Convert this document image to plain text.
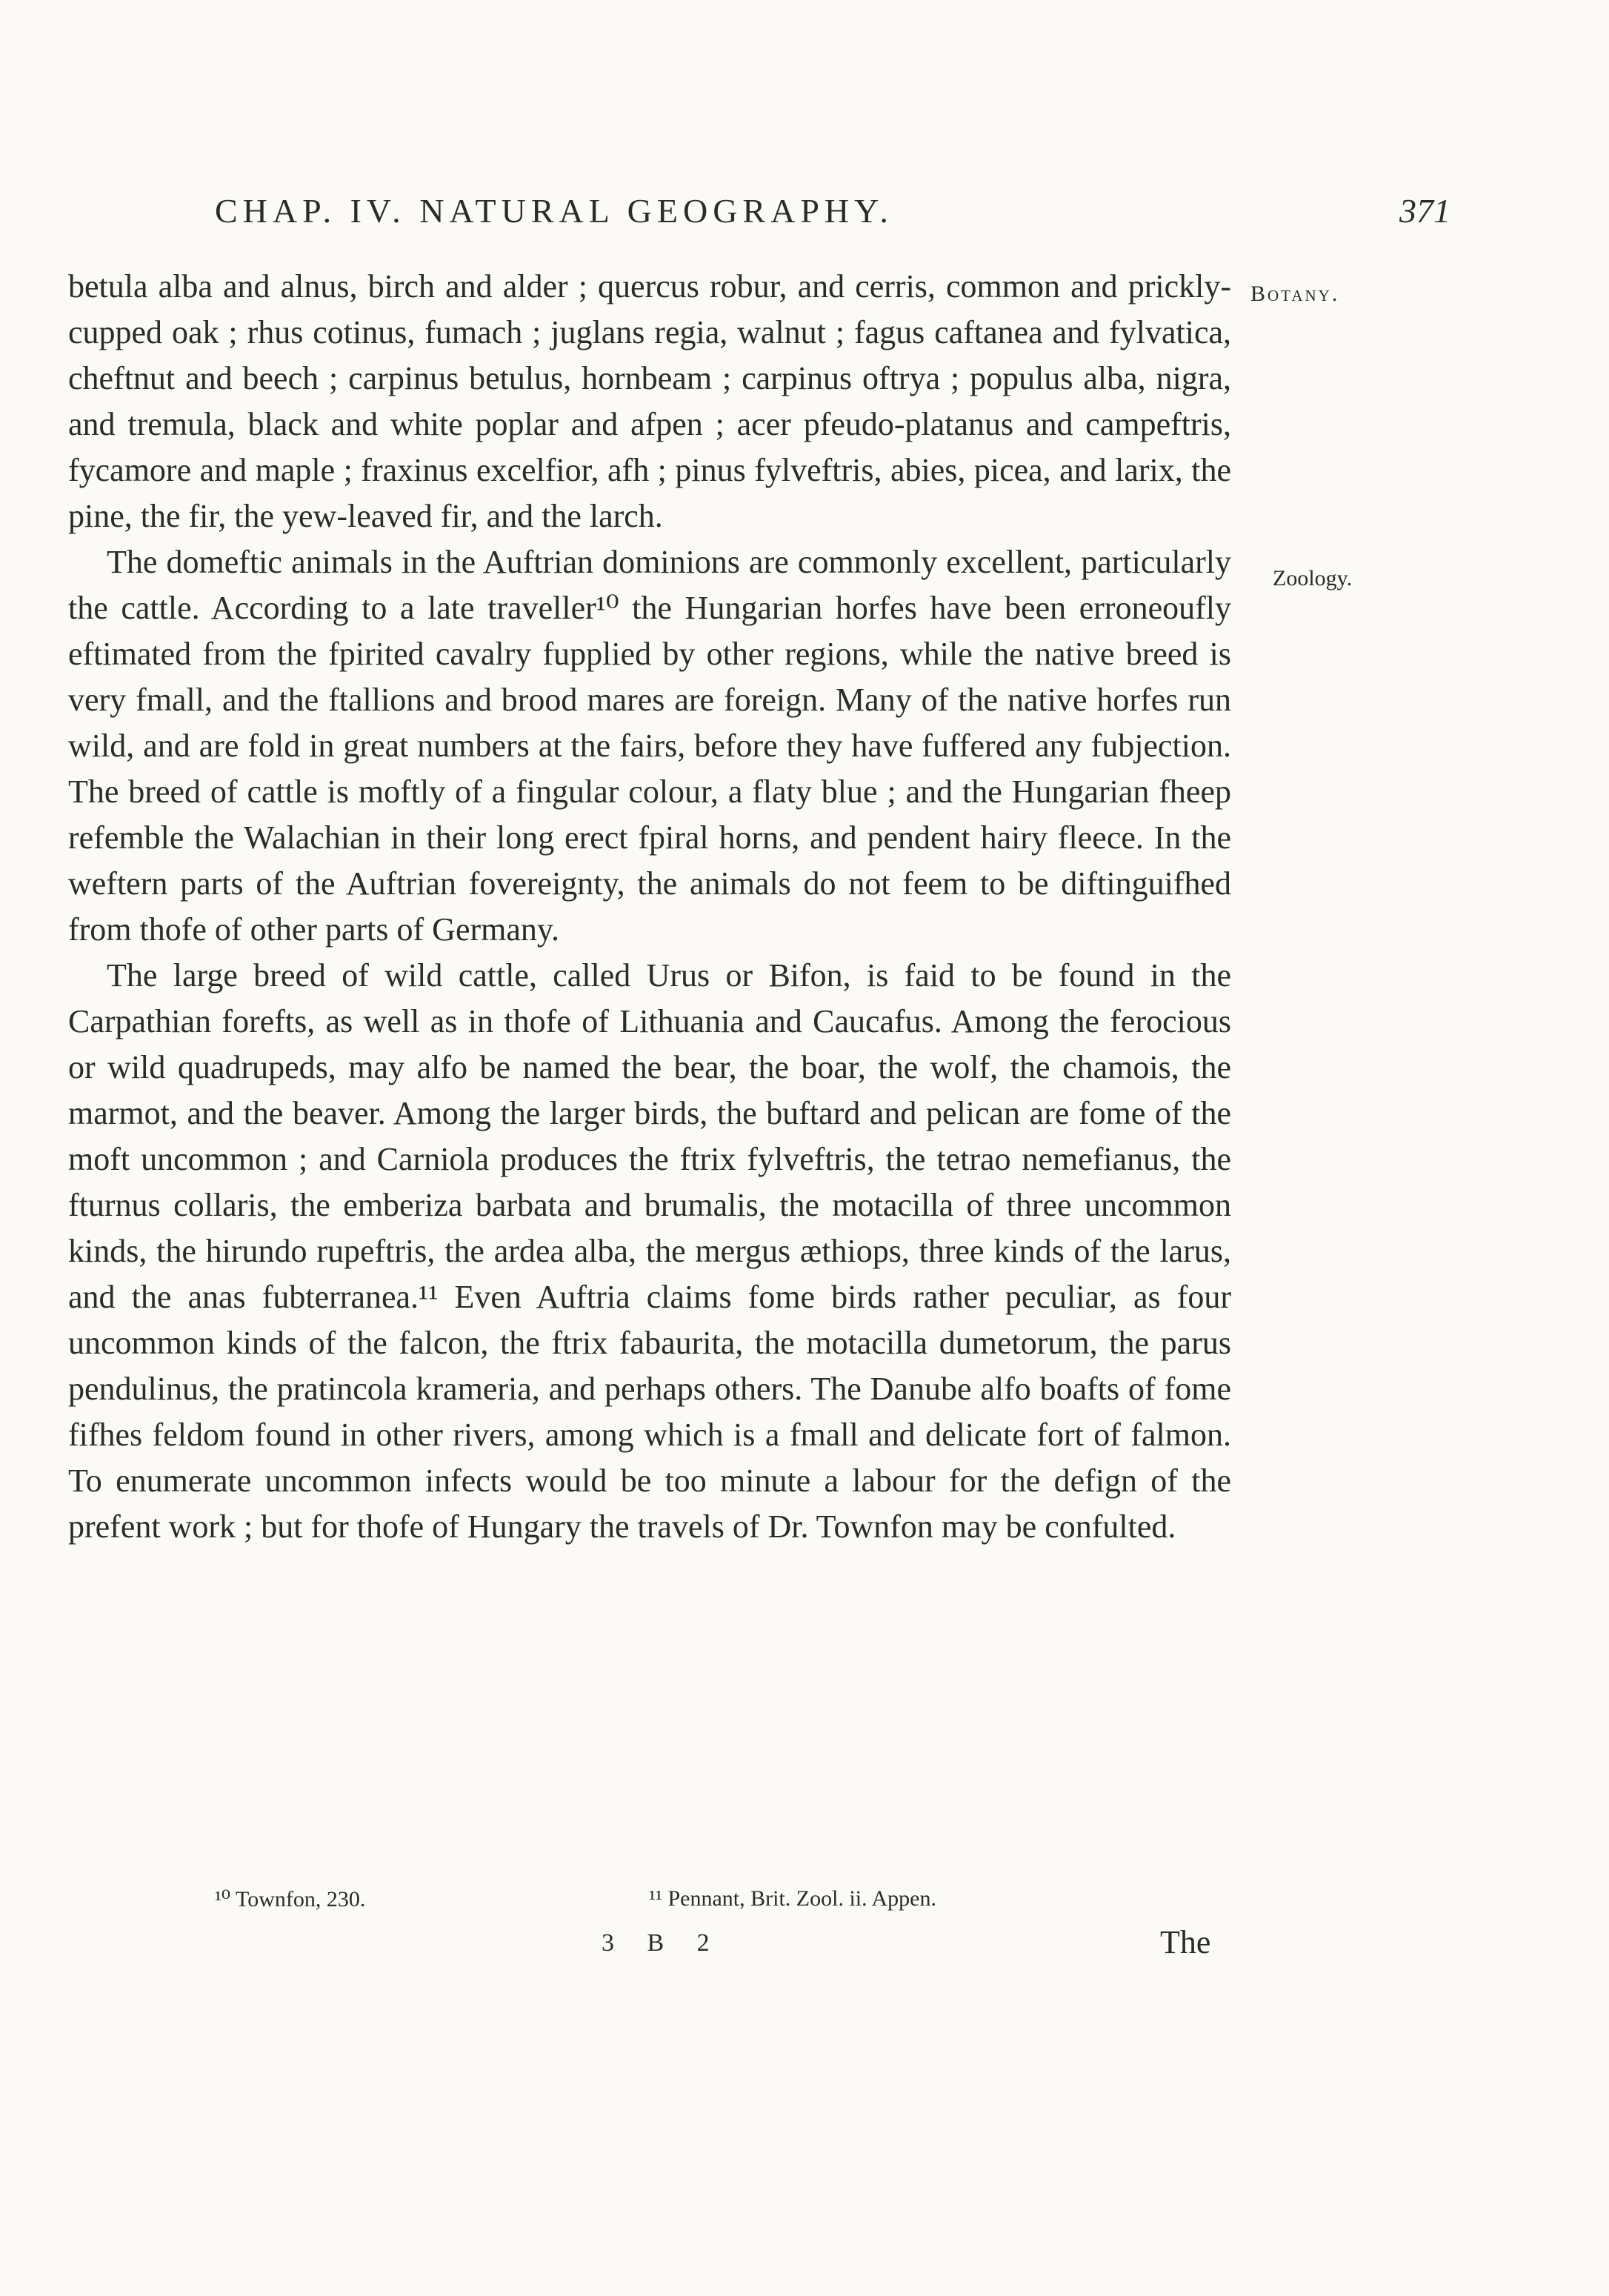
CHAP. IV. NATURAL GEOGRAPHY.	371
Botany.
Zoology.

betula alba and alnus, birch and alder ; quercus robur, and cerris, common and prickly-cupped oak ; rhus cotinus, fumach ; juglans regia, walnut ; fagus caftanea and fylvatica, cheftnut and beech ; carpinus betulus, hornbeam ; carpinus oftrya ; populus alba, nigra, and tremula, black and white poplar and afpen ; acer pfeudo-platanus and campeftris, fycamore and maple ; fraxinus excelfior, afh ; pinus fylveftris, abies, picea, and larix, the pine, the fir, the yew-leaved fir, and the larch.

The domeftic animals in the Auftrian dominions are commonly excellent, particularly the cattle. According to a late traveller¹⁰ the Hungarian horfes have been erroneoufly eftimated from the fpirited cavalry fupplied by other regions, while the native breed is very fmall, and the ftallions and brood mares are foreign. Many of the native horfes run wild, and are fold in great numbers at the fairs, before they have fuffered any fubjection. The breed of cattle is moftly of a fingular colour, a flaty blue ; and the Hungarian fheep refemble the Walachian in their long erect fpiral horns, and pendent hairy fleece. In the weftern parts of the Auftrian fovereignty, the animals do not feem to be diftinguifhed from thofe of other parts of Germany.

The large breed of wild cattle, called Urus or Bifon, is faid to be found in the Carpathian forefts, as well as in thofe of Lithuania and Caucafus. Among the ferocious or wild quadrupeds, may alfo be named the bear, the boar, the wolf, the chamois, the marmot, and the beaver. Among the larger birds, the buftard and pelican are fome of the moft uncommon ; and Carniola produces the ftrix fylveftris, the tetrao nemefianus, the fturnus collaris, the emberiza barbata and brumalis, the motacilla of three uncommon kinds, the hirundo rupeftris, the ardea alba, the mergus æthiops, three kinds of the larus, and the anas fubterranea.¹¹ Even Auftria claims fome birds rather peculiar, as four uncommon kinds of the falcon, the ftrix fabaurita, the motacilla dumetorum, the parus pendulinus, the pratincola krameria, and perhaps others. The Danube alfo boafts of fome fifhes feldom found in other rivers, among which is a fmall and delicate fort of falmon. To enumerate uncommon infects would be too minute a labour for the defign of the prefent work ; but for thofe of Hungary the travels of Dr. Townfon may be confulted.

¹⁰ Townfon, 230.	¹¹ Pennant, Brit. Zool. ii. Appen.
3 B 2	The
